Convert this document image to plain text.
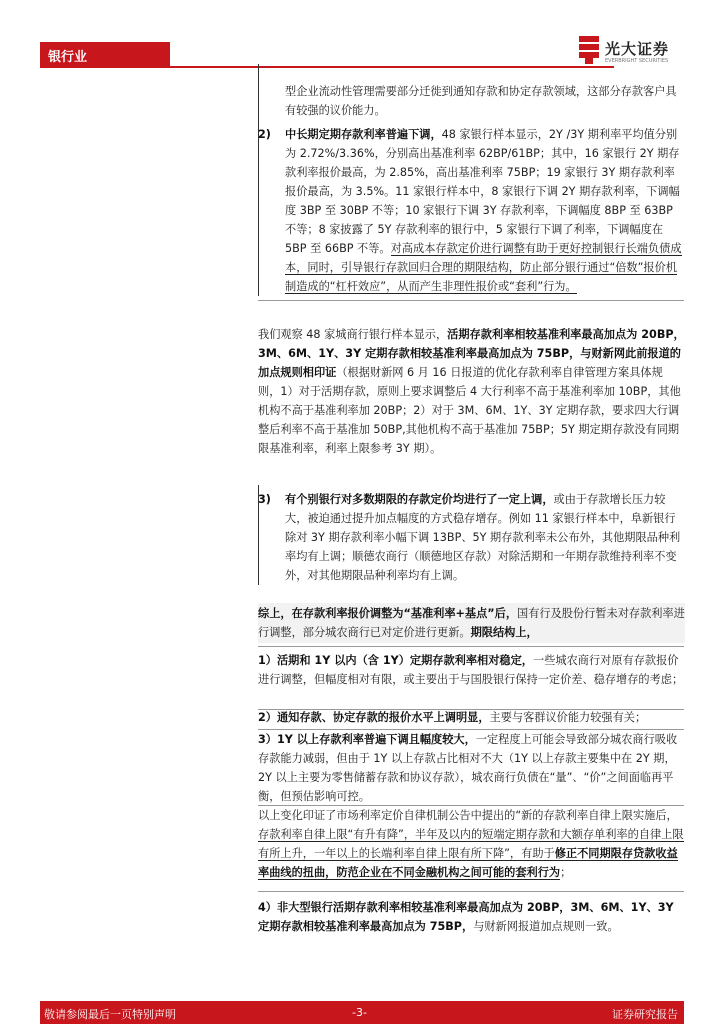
银行业	光大证券
EVERBRIGHT SECURITIES
型企业流动性管理需要部分迁徙到通知存款和协定存款领域，这部分存款客户具有较强的议价能力。
2)	中长期定期存款利率普遍下调，48 家银行样本显示，2Y /3Y 期利率平均值分别为 2.72%/3.36%，分别高出基准利率 62BP/61BP；其中，16 家银行 2Y 期存款利率报价最高，为 2.85%，高出基准利率 75BP；19 家银行 3Y 期存款利率报价最高，为 3.5%。11 家银行样本中，8 家银行下调 2Y 期存款利率，下调幅度 3BP 至 30BP 不等；10 家银行下调 3Y 存款利率，下调幅度 8BP 至 63BP 不等；8 家披露了 5Y 存款利率的银行中，5 家银行下调了利率，下调幅度在 5BP 至 66BP 不等。对高成本存款定价进行调整有助于更好控制银行长端负债成本，同时，引导银行存款回归合理的期限结构，防止部分银行通过“倍数”报价机制造成的“杠杆效应”，从而产生非理性报价或“套利”行为。
我们观察 48 家城商行银行样本显示，活期存款利率相较基准利率最高加点为 20BP，3M、6M、1Y、3Y 定期存款相较基准利率最高加点为 75BP，与财新网此前报道的加点规则相印证（根据财新网 6 月 16 日报道的优化存款利率自律管理方案具体规则，1）对于活期存款，原则上要求调整后 4 大行利率不高于基准利率加 10BP，其他机构不高于基准利率加 20BP；2）对于 3M、6M、1Y、3Y 定期存款，要求四大行调整后利率不高于基准加 50BP,其他机构不高于基准加 75BP；5Y 期定期存款没有同期限基准利率，利率上限参考 3Y 期）。
3)	有个别银行对多数期限的存款定价均进行了一定上调，或由于存款增长压力较大，被迫通过提升加点幅度的方式稳存增存。例如 11 家银行样本中，阜新银行除对 3Y 期存款利率小幅下调 13BP、5Y 期存款利率未公布外，其他期限品种利率均有上调；顺德农商行（顺德地区存款）对除活期和一年期存款维持利率不变外，对其他期限品种利率均有上调。
综上，在存款利率报价调整为“基准利率+基点”后，国有行及股份行暂未对存款利率进行调整，部分城农商行已对定价进行更新。期限结构上，
1）活期和 1Y 以内（含 1Y）定期存款利率相对稳定，一些城农商行对原有存款报价进行调整，但幅度相对有限，或主要出于与国股银行保持一定价差、稳存增存的考虑；
2）通知存款、协定存款的报价水平上调明显，主要与客群议价能力较强有关；
3）1Y 以上存款利率普遍下调且幅度较大，一定程度上可能会导致部分城农商行吸收存款能力减弱，但由于 1Y 以上存款占比相对不大（1Y 以上存款主要集中在 2Y 期，2Y 以上主要为零售储蓄存款和协议存款），城农商行负债在“量”、“价”之间面临再平衡，但预估影响可控。
以上变化印证了市场利率定价自律机制公告中提出的“新的存款利率自律上限实施后，存款利率自律上限“有升有降”，半年及以内的短端定期存款和大额存单利率的自律上限有所上升，一年以上的长端利率自律上限有所下降”，有助于修正不同期限存贷款收益率曲线的扭曲，防范企业在不同金融机构之间可能的套利行为；
4）非大型银行活期存款利率相较基准利率最高加点为 20BP，3M、6M、1Y、3Y 定期存款相较基准利率最高加点为 75BP，与财新网报道加点规则一致。
敬请参阅最后一页特别声明	-3-	证券研究报告
